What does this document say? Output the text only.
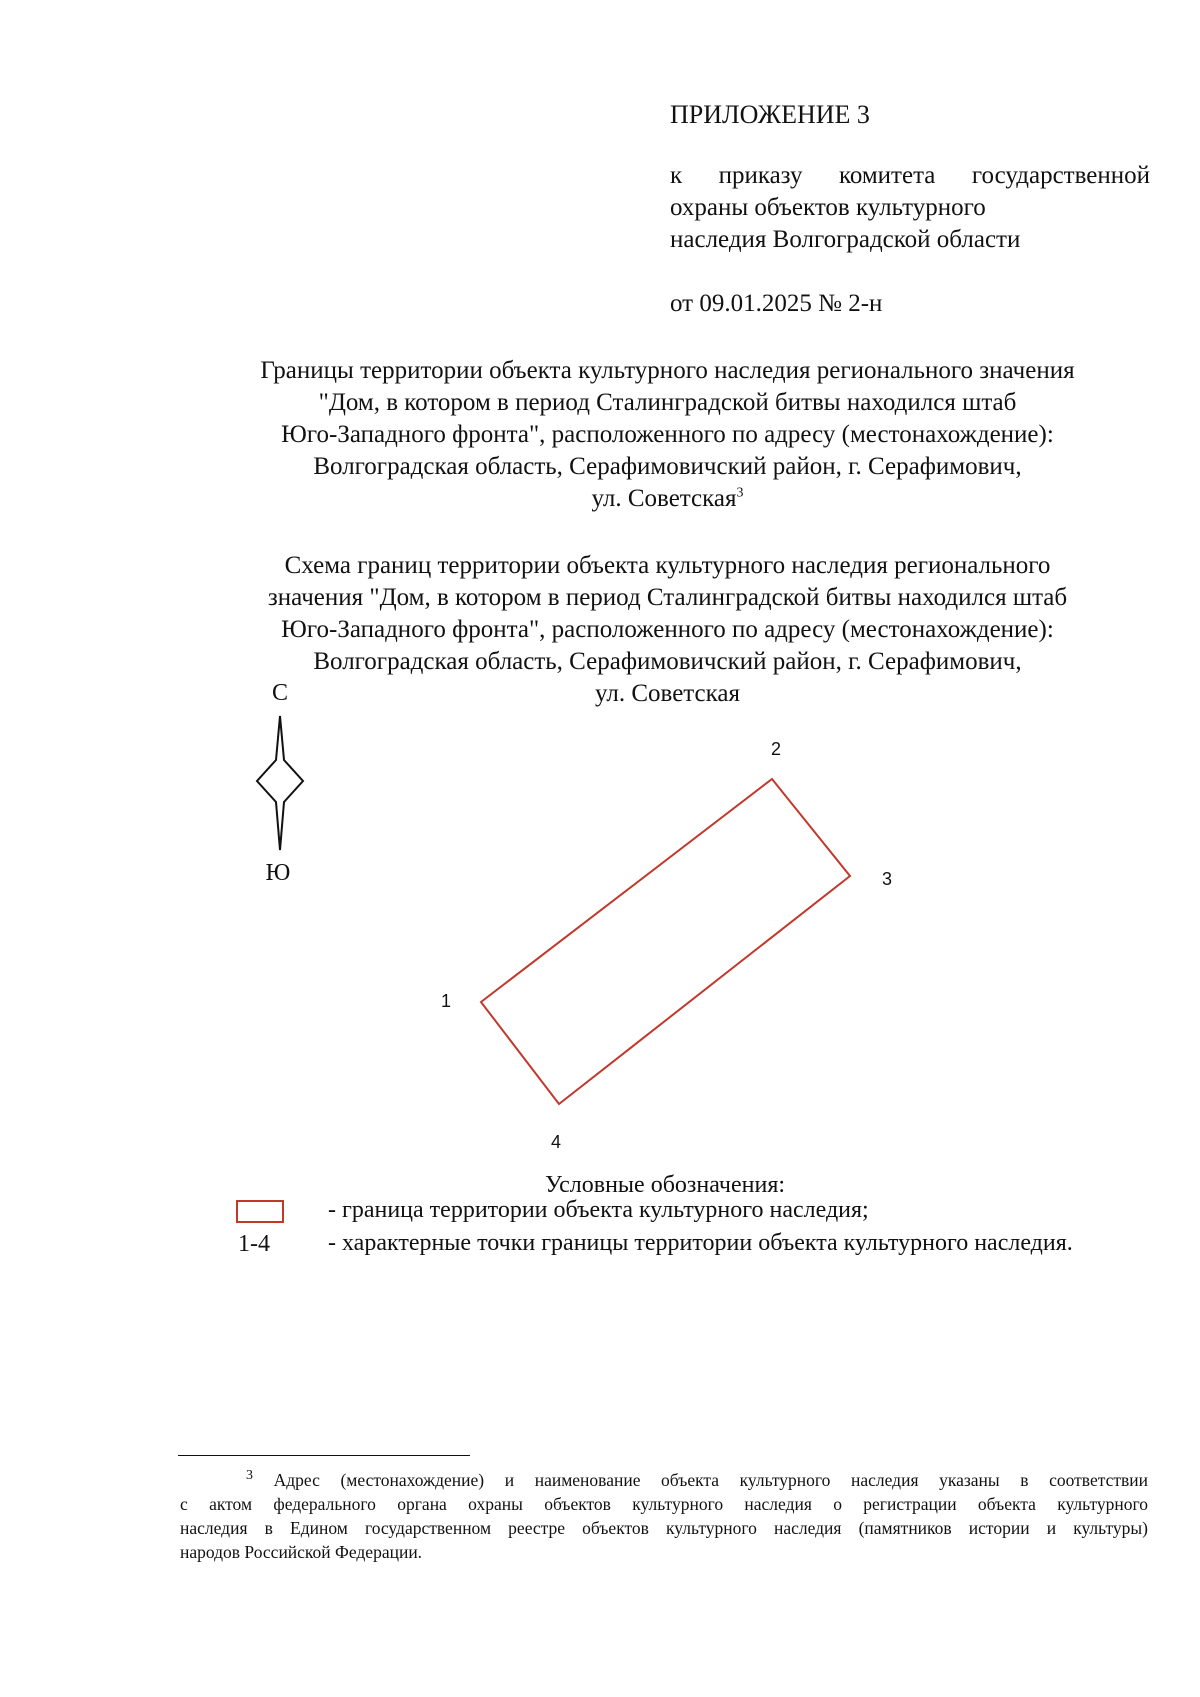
ПРИЛОЖЕНИЕ 3
к приказу комитета государственной
охраны объектов культурного
наследия Волгоградской области
от 09.01.2025 № 2-н
Границы территории объекта культурного наследия регионального значения
"Дом, в котором в период Сталинградской битвы находился штаб
Юго-Западного фронта", расположенного по адресу (местонахождение):
Волгоградская область, Серафимовичский район, г. Серафимович,
ул. Советская$^3$
Схема границ территории объекта культурного наследия регионального
значения "Дом, в котором в период Сталинградской битвы находился штаб
Юго-Западного фронта", расположенного по адресу (местонахождение):
Волгоградская область, Серафимовичский район, г. Серафимович,
ул. Советская
С
Ю
1
2
3
4
Условные обозначения:
- граница территории объекта культурного наследия;
1-4 - характерные точки границы территории объекта культурного наследия.
$^3$ Адрес (местонахождение) и наименование объекта культурного наследия указаны в соответствии
с актом федерального органа охраны объектов культурного наследия о регистрации объекта культурного
наследия в Едином государственном реестре объектов культурного наследия (памятников истории и культуры)
народов Российской Федерации.
